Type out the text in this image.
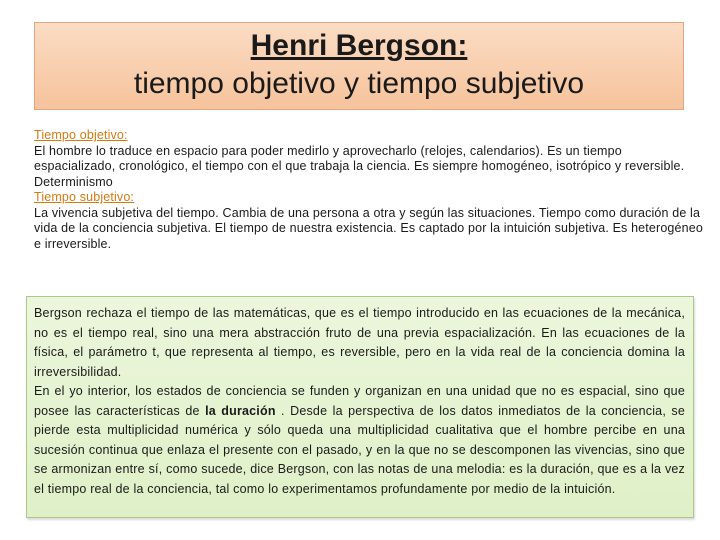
Henri Bergson:
tiempo objetivo y tiempo subjetivo
Tiempo objetivo:
El hombre lo traduce en espacio para poder medirlo y aprovecharlo (relojes, calendarios). Es un tiempo espacializado, cronológico, el tiempo con el que trabaja la ciencia. Es siempre homogéneo, isotrópico y reversible. Determinismo
Tiempo subjetivo:
La vivencia subjetiva del tiempo. Cambia de una persona a otra y según las situaciones. Tiempo como duración de la vida de la conciencia subjetiva. El tiempo de nuestra existencia. Es captado por la intuición subjetiva. Es heterogéneo e irreversible.

Bergson rechaza el tiempo de las matemáticas, que es el tiempo introducido en las ecuaciones de la mecánica, no es el tiempo real, sino una mera abstracción fruto de una previa espacialización. En las ecuaciones de la física, el parámetro t, que representa al tiempo, es reversible, pero en la vida real de la conciencia domina la irreversibilidad.

En el yo interior, los estados de conciencia se funden y organizan en una unidad que no es espacial, sino que posee las características de la duración . Desde la perspectiva de los datos inmediatos de la conciencia, se pierde esta multiplicidad numérica y sólo queda una multiplicidad cualitativa que el hombre percibe en una sucesión continua que enlaza el presente con el pasado, y en la que no se descomponen las vivencias, sino que se armonizan entre sí, como sucede, dice Bergson, con las notas de una melodia: es la duración, que es a la vez el tiempo real de la conciencia, tal como lo experimentamos profundamente por medio de la intuición.
